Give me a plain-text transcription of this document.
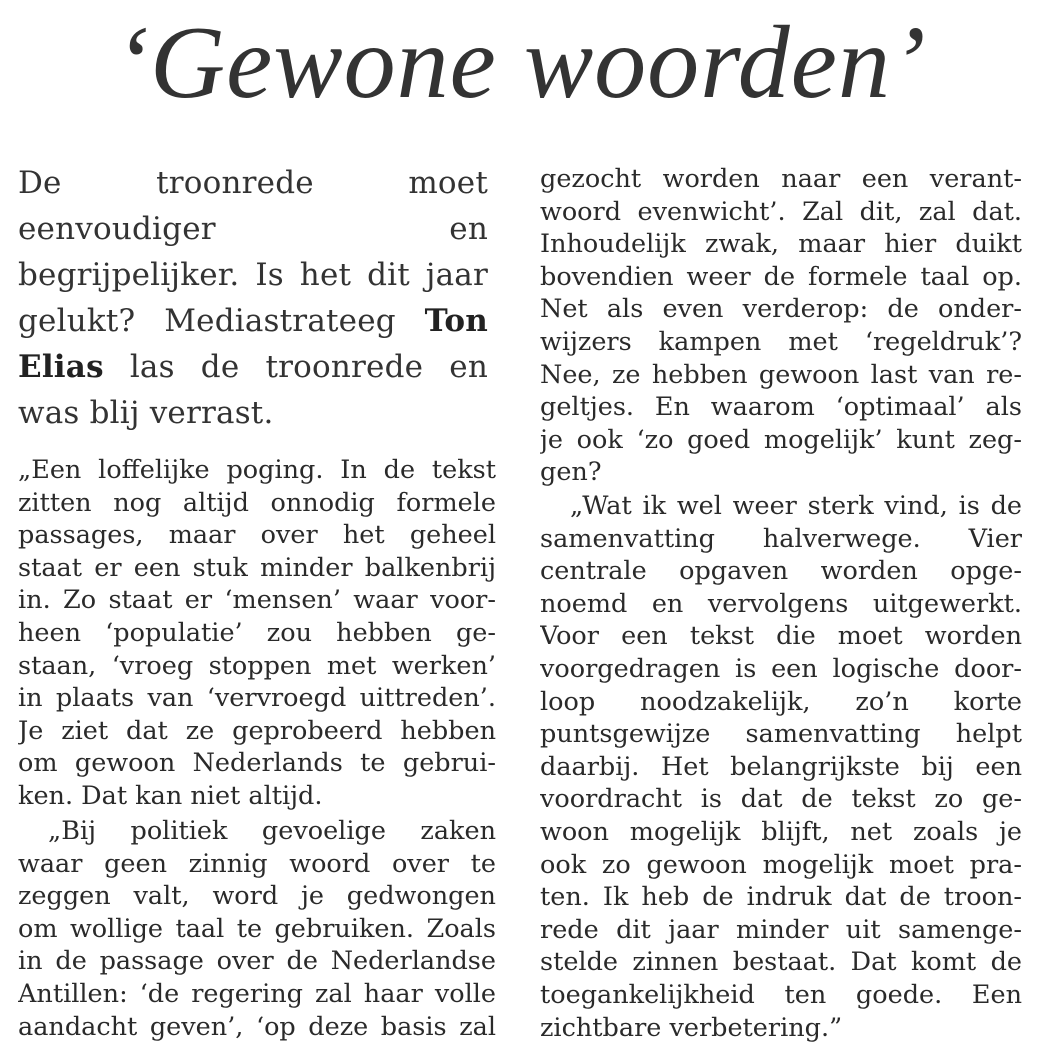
‘Gewone woorden’
De troonrede moet
eenvoudiger en
begrijpelijker. Is het dit jaar
gelukt? Mediastrateeg Ton
Elias las de troonrede en
was blij verrast.
„Een loffelijke poging. In de tekst
zitten nog altijd onnodig formele
passages, maar over het geheel
staat er een stuk minder balkenbrij
in. Zo staat er ‘mensen’ waar voor-
heen ‘populatie’ zou hebben ge-
staan, ‘vroeg stoppen met werken’
in plaats van ‘vervroegd uittreden’.
Je ziet dat ze geprobeerd hebben
om gewoon Nederlands te gebrui-
ken. Dat kan niet altijd.
„Bij politiek gevoelige zaken
waar geen zinnig woord over te
zeggen valt, word je gedwongen
om wollige taal te gebruiken. Zoals
in de passage over de Nederlandse
Antillen: ‘de regering zal haar volle
aandacht geven’, ‘op deze basis zal
gezocht worden naar een verant-
woord evenwicht’. Zal dit, zal dat.
Inhoudelijk zwak, maar hier duikt
bovendien weer de formele taal op.
Net als even verderop: de onder-
wijzers kampen met ‘regeldruk’?
Nee, ze hebben gewoon last van re-
geltjes. En waarom ‘optimaal’ als
je ook ‘zo goed mogelijk’ kunt zeg-
gen?
„Wat ik wel weer sterk vind, is de
samenvatting halverwege. Vier
centrale opgaven worden opge-
noemd en vervolgens uitgewerkt.
Voor een tekst die moet worden
voorgedragen is een logische door-
loop noodzakelijk, zo’n korte
puntsgewijze samenvatting helpt
daarbij. Het belangrijkste bij een
voordracht is dat de tekst zo ge-
woon mogelijk blijft, net zoals je
ook zo gewoon mogelijk moet pra-
ten. Ik heb de indruk dat de troon-
rede dit jaar minder uit samenge-
stelde zinnen bestaat. Dat komt de
toegankelijkheid ten goede. Een
zichtbare verbetering.”
